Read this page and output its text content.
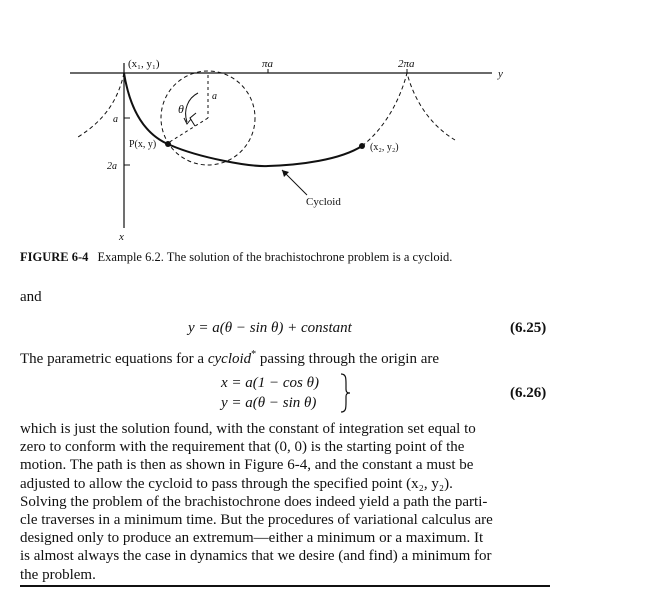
(x₁, y₁)	πa	2πa
y
x
a
θ
a
2a
P(x, y)	(x₂, y₂)
Cycloid
FIGURE 6-4 Example 6.2. The solution of the brachistochrone problem is a cycloid.
and
y = a(θ − sin θ) + constant	(6.25)
The parametric equations for a cycloid* passing through the origin are
x = a(1 − cos θ)
y = a(θ − sin θ)
(6.26)
which is just the solution found, with the constant of integration set equal to
zero to conform with the requirement that (0, 0) is the starting point of the
motion. The path is then as shown in Figure 6-4, and the constant a must be
adjusted to allow the cycloid to pass through the specified point (x₂, y₂).
Solving the problem of the brachistochrone does indeed yield a path the parti-
cle traverses in a minimum time. But the procedures of variational calculus are
designed only to produce an extremum—either a minimum or a maximum. It
is almost always the case in dynamics that we desire (and find) a minimum for
the problem.
